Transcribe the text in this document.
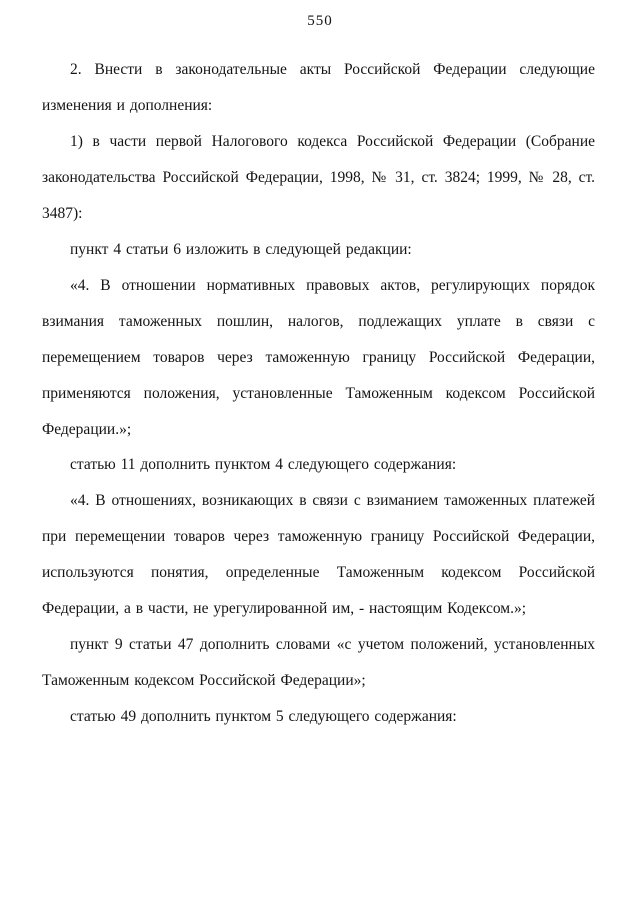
550

2. Внести в законодательные акты Российской Федерации следующие изменения и дополнения:

1) в части первой Налогового кодекса Российской Федерации (Собрание законодательства Российской Федерации, 1998, № 31, ст. 3824; 1999, № 28, ст. 3487):

пункт 4 статьи 6 изложить в следующей редакции:

«4. В отношении нормативных правовых актов, регулирующих порядок взимания таможенных пошлин, налогов, подлежащих уплате в связи с перемещением товаров через таможенную границу Российской Федерации, применяются положения, установленные Таможенным кодексом Российской Федерации.»;

статью 11 дополнить пунктом 4 следующего содержания:

«4. В отношениях, возникающих в связи с взиманием таможенных платежей при перемещении товаров через таможенную границу Российской Федерации, используются понятия, определенные Таможенным кодексом Российской Федерации, а в части, не урегулированной им, - настоящим Кодексом.»;

пункт 9 статьи 47 дополнить словами «с учетом положений, установленных Таможенным кодексом Российской Федерации»;

статью 49 дополнить пунктом 5 следующего содержания:
